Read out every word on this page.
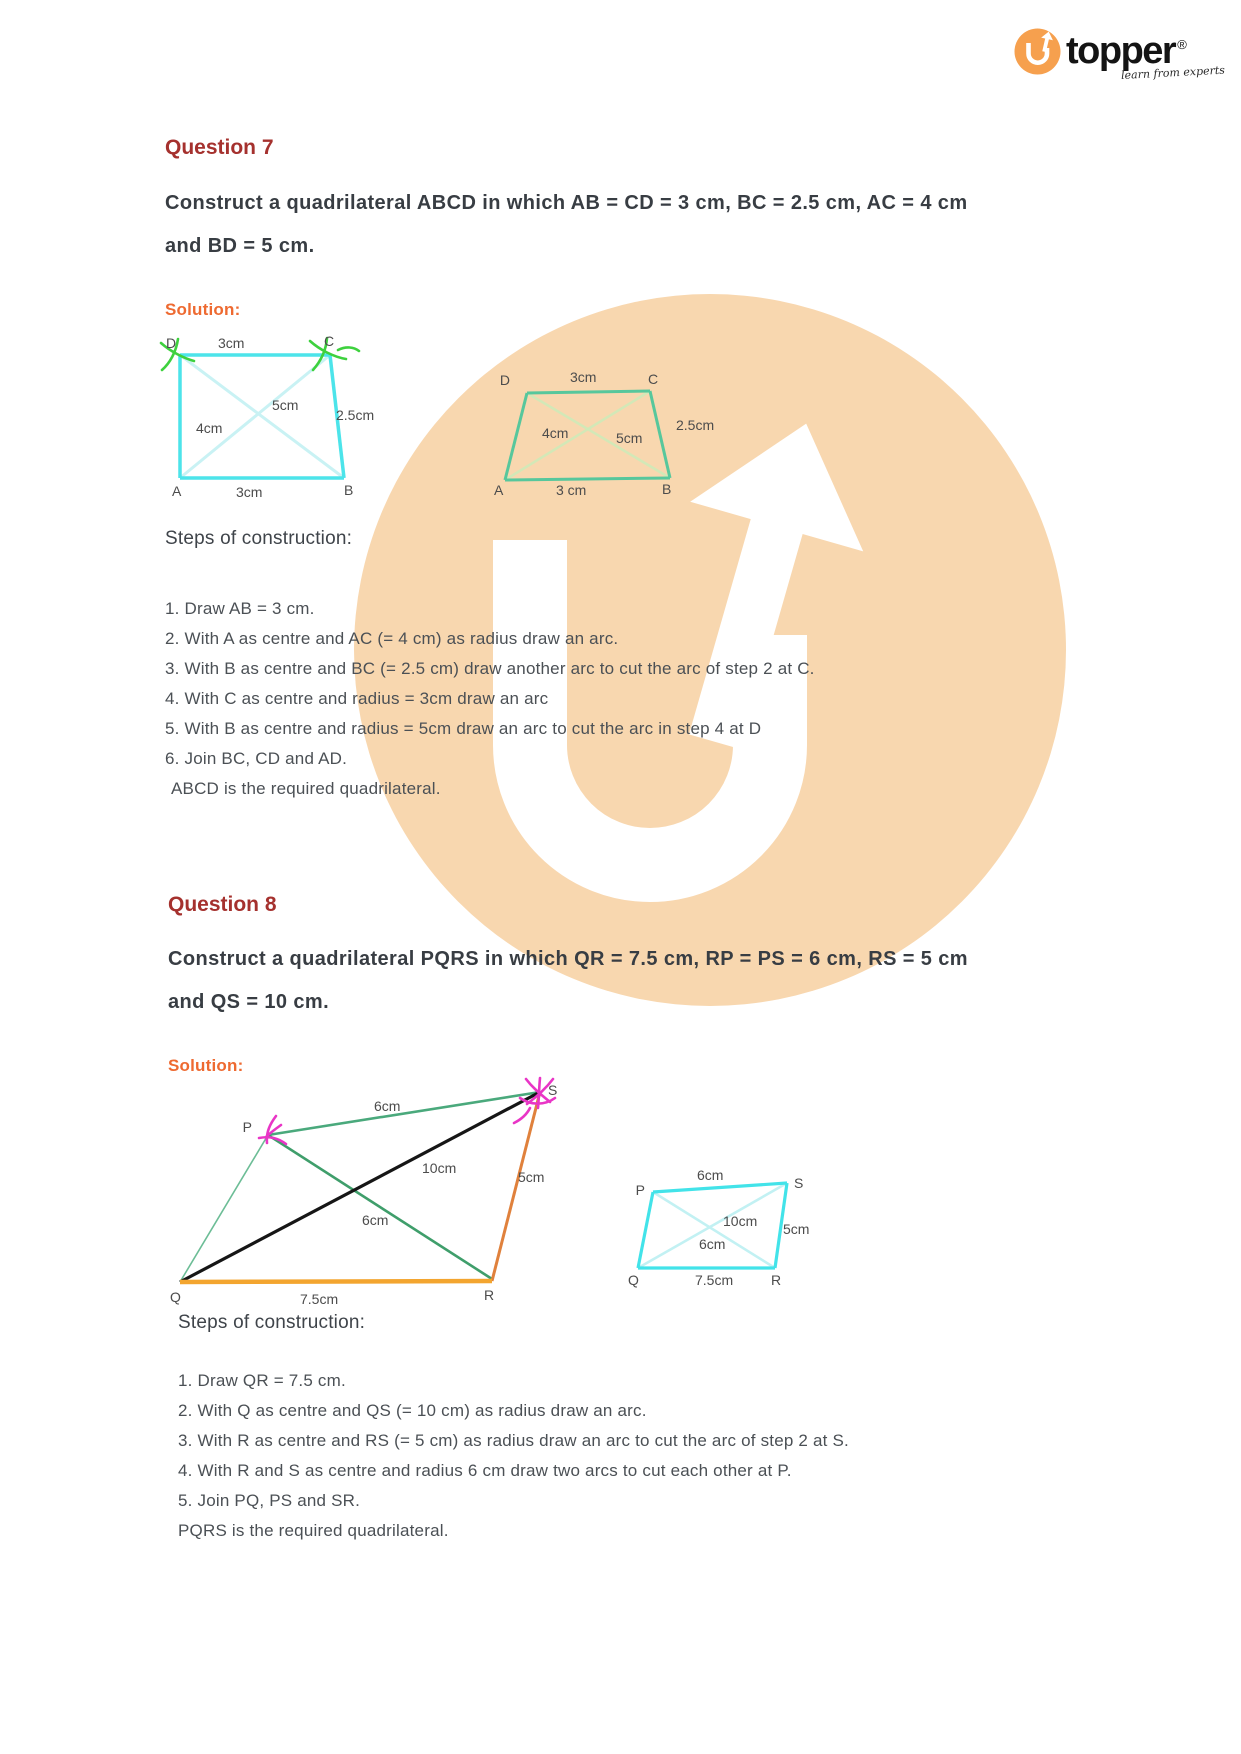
topper ®
learn from experts
Question 7
Construct a quadrilateral ABCD in which AB = CD = 3 cm, BC = 2.5 cm, AC = 4 cm
and BD = 5 cm.
Solution:
D	3cm	C
5cm
2.5cm
4cm
A	3cm	B
D	3cm	C
4cm	5cm
2.5cm
A	3 cm	B
Steps of construction:
1. Draw AB = 3 cm.
2. With A as centre and AC (= 4 cm) as radius draw an arc.
3. With B as centre and BC (= 2.5 cm) draw another arc to cut the arc of step 2 at C.
4. With C as centre and radius = 3cm draw an arc
5. With B as centre and radius = 5cm draw an arc to cut the arc in step 4 at D
6. Join BC, CD and AD.
ABCD is the required quadrilateral.
Question 8
Construct a quadrilateral PQRS in which QR = 7.5 cm, RP = PS = 6 cm, RS = 5 cm
and QS = 10 cm.
Solution:
S
6cm
P
10cm
5cm
6cm
Q	7.5cm	R
P
6cm	S
10cm 5cm
6cm
Q	7.5cm	R
Steps of construction:
1. Draw QR = 7.5 cm.
2. With Q as centre and QS (= 10 cm) as radius draw an arc.
3. With R as centre and RS (= 5 cm) as radius draw an arc to cut the arc of step 2 at S.
4. With R and S as centre and radius 6 cm draw two arcs to cut each other at P.
5. Join PQ, PS and SR.
PQRS is the required quadrilateral.
